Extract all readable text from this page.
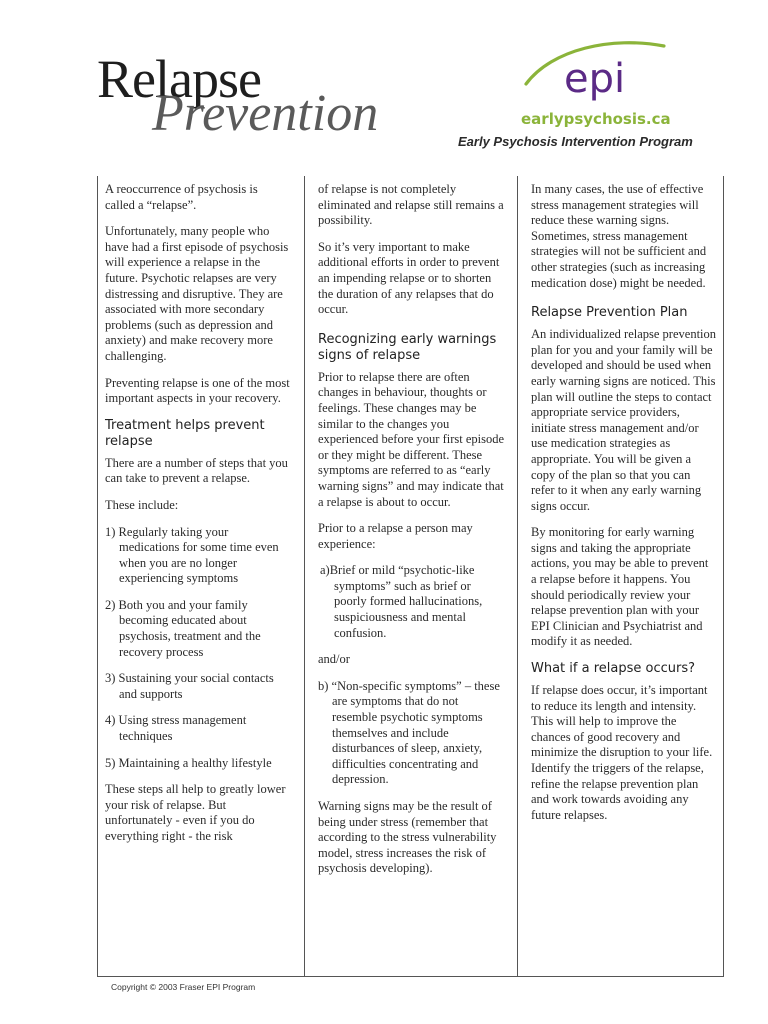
Relapse
Prevention
epi
earlypsychosis.ca
Early Psychosis Intervention Program

A reoccurrence of psychosis is called a “relapse”.

Unfortunately, many people who have had a first episode of psychosis will experience a relapse in the future. Psychotic relapses are very distressing and disruptive. They are associated with more secondary problems (such as depression and anxiety) and make recovery more challenging.

Preventing relapse is one of the most important aspects in your recovery.

Treatment helps prevent relapse

There are a number of steps that you can take to prevent a relapse.

These include:

1) Regularly taking your medications for some time even when you are no longer experiencing symptoms

2) Both you and your family becoming educated about psychosis, treatment and the recovery process

3) Sustaining your social contacts and supports

4) Using stress management techniques

5) Maintaining a healthy lifestyle

These steps all help to greatly lower your risk of relapse. But unfortunately - even if you do everything right - the risk

of relapse is not completely eliminated and relapse still remains a possibility.

So it’s very important to make additional efforts in order to prevent an impending relapse or to shorten the duration of any relapses that do occur.

Recognizing early warnings signs of relapse

Prior to relapse there are often changes in behaviour, thoughts or feelings. These changes may be similar to the changes you experienced before your first episode or they might be different. These symptoms are referred to as “early warning signs” and may indicate that a relapse is about to occur.

Prior to a relapse a person may experience:

a)Brief or mild “psychotic-like symptoms” such as brief or poorly formed hallucinations, suspiciousness and mental confusion.

and/or

b) “Non-specific symptoms” – these are symptoms that do not resemble psychotic symptoms themselves and include disturbances of sleep, anxiety, difficulties concentrating and depression.

Warning signs may be the result of being under stress (remember that according to the stress vulnerability model, stress increases the risk of psychosis developing).

In many cases, the use of effective stress management strategies will reduce these warning signs. Sometimes, stress management strategies will not be sufficient and other strategies (such as increasing medication dose) might be needed.

Relapse Prevention Plan

An individualized relapse prevention plan for you and your family will be developed and should be used when early warning signs are noticed. This plan will outline the steps to contact appropriate service providers, initiate stress management and/or use medication strategies as appropriate. You will be given a copy of the plan so that you can refer to it when any early warning signs occur.

By monitoring for early warning signs and taking the appropriate actions, you may be able to prevent a relapse before it happens. You should periodically review your relapse prevention plan with your EPI Clinician and Psychiatrist and modify it as needed.

What if a relapse occurs?

If relapse does occur, it’s important to reduce its length and intensity. This will help to improve the chances of good recovery and minimize the disruption to your life. Identify the triggers of the relapse, refine the relapse prevention plan and work towards avoiding any future relapses.

Copyright © 2003 Fraser EPI Program
